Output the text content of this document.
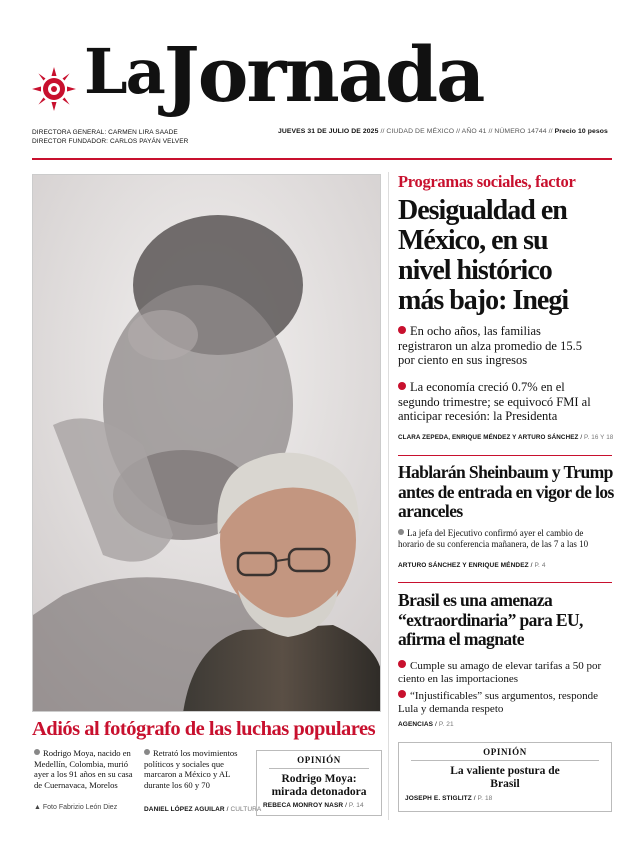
LaJornada
DIRECTORA GENERAL: CARMEN LIRA SAADE
DIRECTOR FUNDADOR: CARLOS PAYÁN VELVER
JUEVES 31 DE JULIO DE 2025 // CIUDAD DE MÉXICO // AÑO 41 // NÚMERO 14744 // Precio 10 pesos
▲ Foto Fabrizio León Diez
Adiós al fotógrafo de las luchas populares
Rodrigo Moya, nacido en Medellín, Colombia, murió ayer a los 91 años en su casa de Cuernavaca, Morelos
Retrató los movimientos políticos y sociales que marcaron a México y AL durante los 60 y 70
DANIEL LÓPEZ AGUILAR / CULTURA
OPINIÓN
Rodrigo Moya: mirada detonadora
REBECA MONROY NASR / P. 14
Programas sociales, factor
Desigualdad en México, en su nivel histórico más bajo: Inegi
En ocho años, las familias registraron un alza promedio de 15.5 por ciento en sus ingresos
La economía creció 0.7% en el segundo trimestre; se equivocó FMI al anticipar recesión: la Presidenta
CLARA ZEPEDA, ENRIQUE MÉNDEZ Y ARTURO SÁNCHEZ / P. 16 Y 18
Hablarán Sheinbaum y Trump antes de entrada en vigor de los aranceles
La jefa del Ejecutivo confirmó ayer el cambio de horario de su conferencia mañanera, de las 7 a las 10
ARTURO SÁNCHEZ Y ENRIQUE MÉNDEZ / P. 4
Brasil es una amenaza “extraordinaria” para EU, afirma el magnate
Cumple su amago de elevar tarifas a 50 por ciento en las importaciones
“Injustificables” sus argumentos, responde Lula y demanda respeto
AGENCIAS / P. 21
OPINIÓN
La valiente postura de Brasil
JOSEPH E. STIGLITZ / P. 18
